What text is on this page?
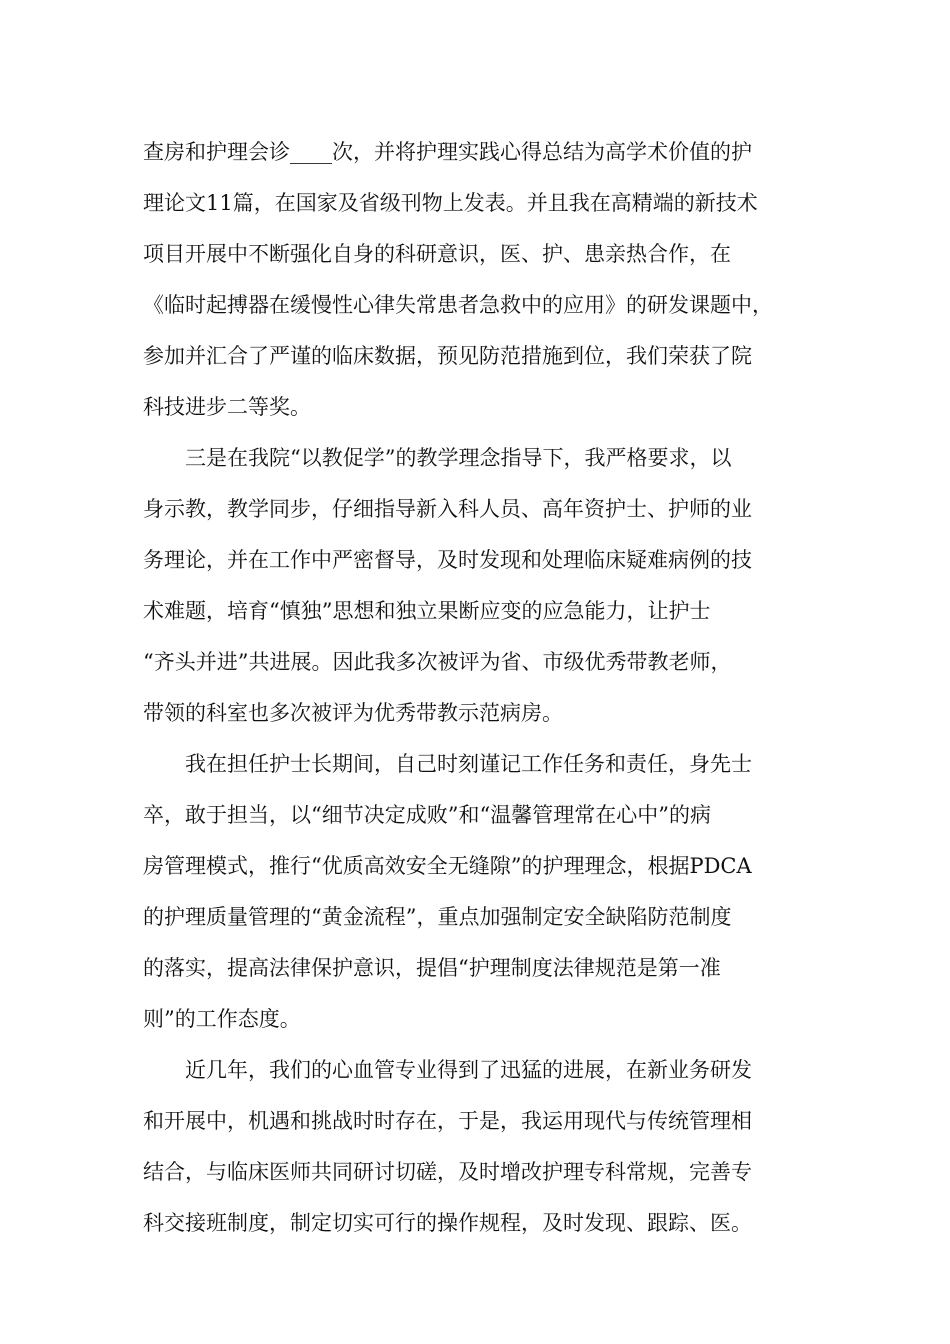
查房和护理会诊____次，并将护理实践心得总结为高学术价值的护
理论文11篇，在国家及省级刊物上发表。并且我在高精端的新技术
项目开展中不断强化自身的科研意识，医、护、患亲热合作，在
《临时起搏器在缓慢性心律失常患者急救中的应用》的研发课题中，
参加并汇合了严谨的临床数据，预见防范措施到位，我们荣获了院
科技进步二等奖。
三是在我院“以教促学”的教学理念指导下，我严格要求，以
身示教，教学同步，仔细指导新入科人员、高年资护士、护师的业
务理论，并在工作中严密督导，及时发现和处理临床疑难病例的技
术难题，培育“慎独”思想和独立果断应变的应急能力，让护士
“齐头并进”共进展。因此我多次被评为省、市级优秀带教老师，
带领的科室也多次被评为优秀带教示范病房。
我在担任护士长期间，自己时刻谨记工作任务和责任，身先士
卒，敢于担当，以“细节决定成败”和“温馨管理常在心中”的病
房管理模式，推行“优质高效安全无缝隙”的护理理念，根据PDCA
的护理质量管理的“黄金流程”，重点加强制定安全缺陷防范制度
的落实，提高法律保护意识，提倡“护理制度法律规范是第一准
则”的工作态度。
近几年，我们的心血管专业得到了迅猛的进展，在新业务研发
和开展中，机遇和挑战时时存在，于是，我运用现代与传统管理相
结合，与临床医师共同研讨切磋，及时增改护理专科常规，完善专
科交接班制度，制定切实可行的操作规程，及时发现、跟踪、医。
